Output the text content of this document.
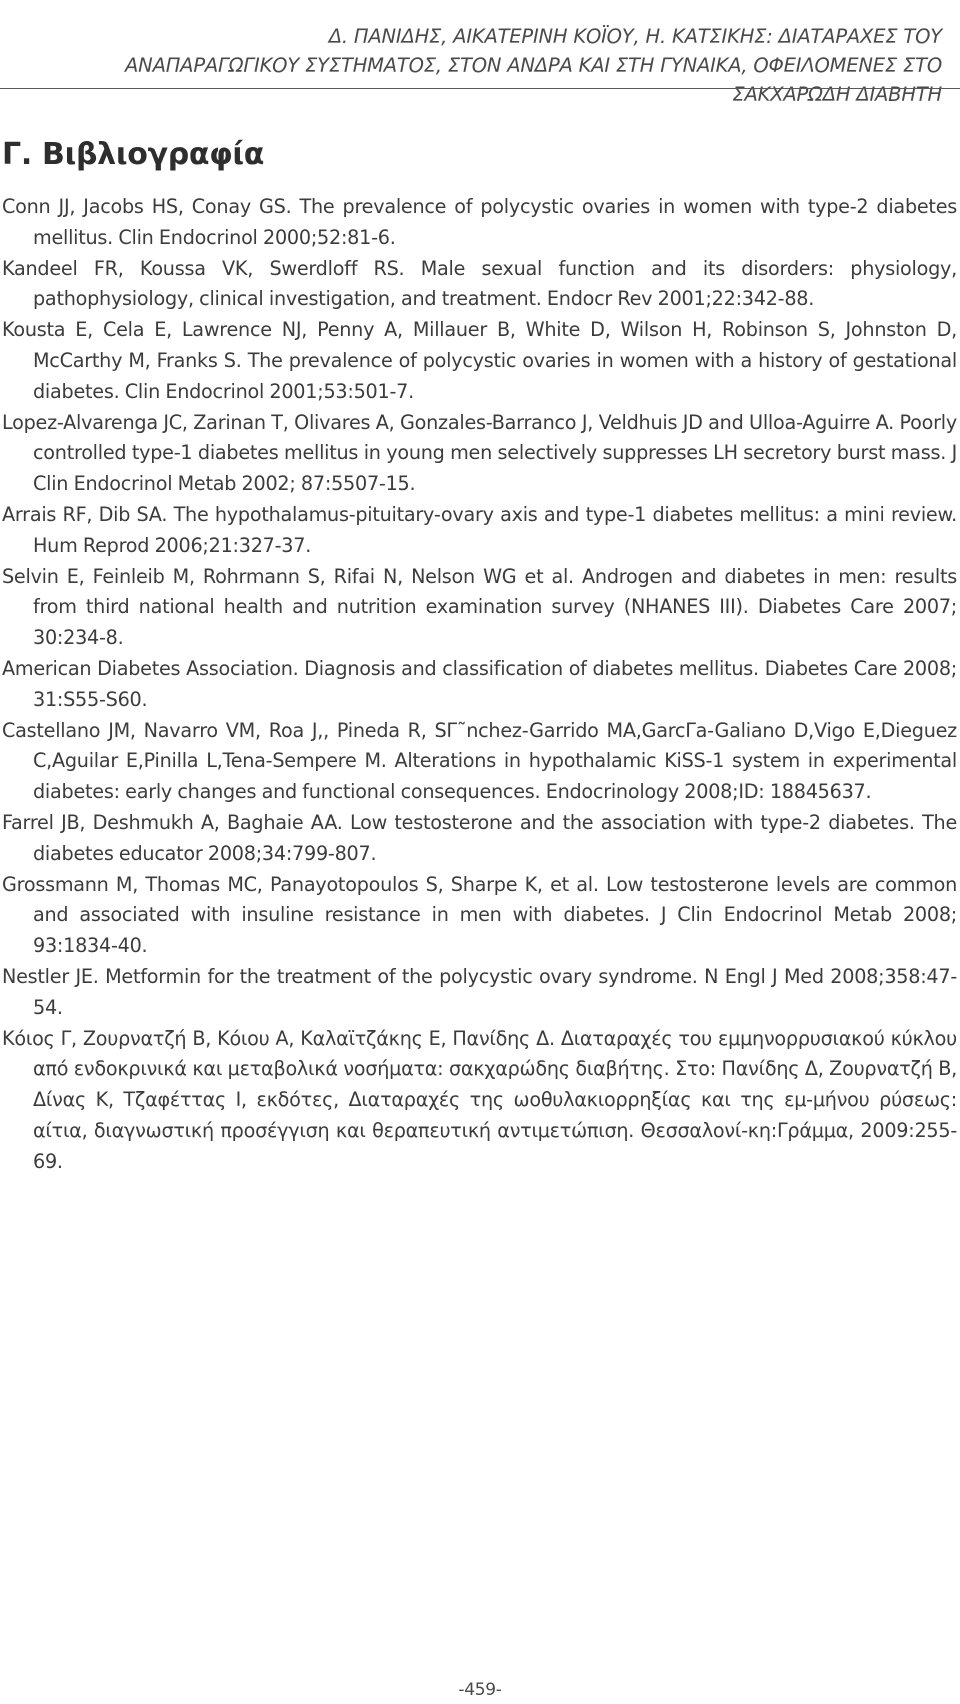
Δ. ΠΑΝΙΔΗΣ, ΑΙΚΑΤΕΡΙΝΗ ΚΟΪΟΥ, Η. ΚΑΤΣΙΚΗΣ: ΔΙΑΤΑΡΑΧΕΣ ΤΟΥ
ΑΝΑΠΑΡΑΓΩΓΙΚΟΥ ΣΥΣΤΗΜΑΤΟΣ, ΣΤΟΝ ΑΝΔΡΑ ΚΑΙ ΣΤΗ ΓΥΝΑΙΚΑ, ΟΦΕΙΛΟΜΕΝΕΣ ΣΤΟ ΣΑΚΧΑΡΩΔΗ ΔΙΑΒΗΤΗ
Γ. Βιβλιογραφία
Conn JJ, Jacobs HS, Conay GS. The prevalence of polycystic ovaries in women with type-2 diabetes mellitus. Clin Endocrinol 2000;52:81-6.
Kandeel FR, Koussa VK, Swerdloff RS. Male sexual function and its disorders: physiology, pathophysiology, clinical investigation, and treatment. Endocr Rev 2001;22:342-88.
Kousta E, Cela E, Lawrence NJ, Penny A, Millauer B, White D, Wilson H, Robinson S, Johnston D, McCarthy M, Franks S. The prevalence of polycystic ovaries in women with a history of gestational diabetes. Clin Endocrinol 2001;53:501-7.
Lopez-Alvarenga JC, Zarinan T, Olivares A, Gonzales-Barranco J, Veldhuis JD and Ulloa-Aguirre A. Poorly controlled type-1 diabetes mellitus in young men selectively suppresses LH secretory burst mass. J Clin Endocrinol Metab 2002; 87:5507-15.
Arrais RF, Dib SA. The hypothalamus-pituitary-ovary axis and type-1 diabetes mellitus: a mini review. Hum Reprod 2006;21:327-37.
Selvin E, Feinleib M, Rohrmann S, Rifai N, Nelson WG et al. Androgen and diabetes in men: results from third national health and nutrition examination survey (NHANES III). Diabetes Care 2007; 30:234-8.
American Diabetes Association. Diagnosis and classification of diabetes mellitus. Diabetes Care 2008; 31:S55-S60.
Castellano JM, Navarro VM, Roa J,, Pineda R, SΓ˜nchez-Garrido MA,GarcΓa-Galiano D,Vigo E,Dieguez C,Aguilar E,Pinilla L,Tena-Sempere M. Alterations in hypothalamic KiSS-1 system in experimental diabetes: early changes and functional consequences. Endocrinology 2008;ID: 18845637.
Farrel JB, Deshmukh A, Baghaie AA. Low testosterone and the association with type-2 diabetes. The diabetes educator 2008;34:799-807.
Grossmann M, Thomas MC, Panayotopoulos S, Sharpe K, et al. Low testosterone levels are common and associated with insuline resistance in men with diabetes. J Clin Endocrinol Metab 2008; 93:1834-40.
Nestler JE. Metformin for the treatment of the polycystic ovary syndrome. N Engl J Med 2008;358:47-54.
Κόιος Γ, Ζουρνατζή Β, Κόιου Α, Καλαϊτζάκης Ε, Πανίδης Δ. Διαταραχές του εμμηνορρυσιακού κύκλου από ενδοκρινικά και μεταβολικά νοσήματα: σακχαρώδης διαβήτης. Στο: Πανίδης Δ, Ζουρνατζή Β, Δίνας Κ, Τζαφέττας Ι, εκδότες, Διαταραχές της ωοθυλακιορρηξίας και της εμ-μήνου ρύσεως: αίτια, διαγνωστική προσέγγιση και θεραπευτική αντιμετώπιση. Θεσσαλονί-κη:Γράμμα, 2009:255-69.
-459-
